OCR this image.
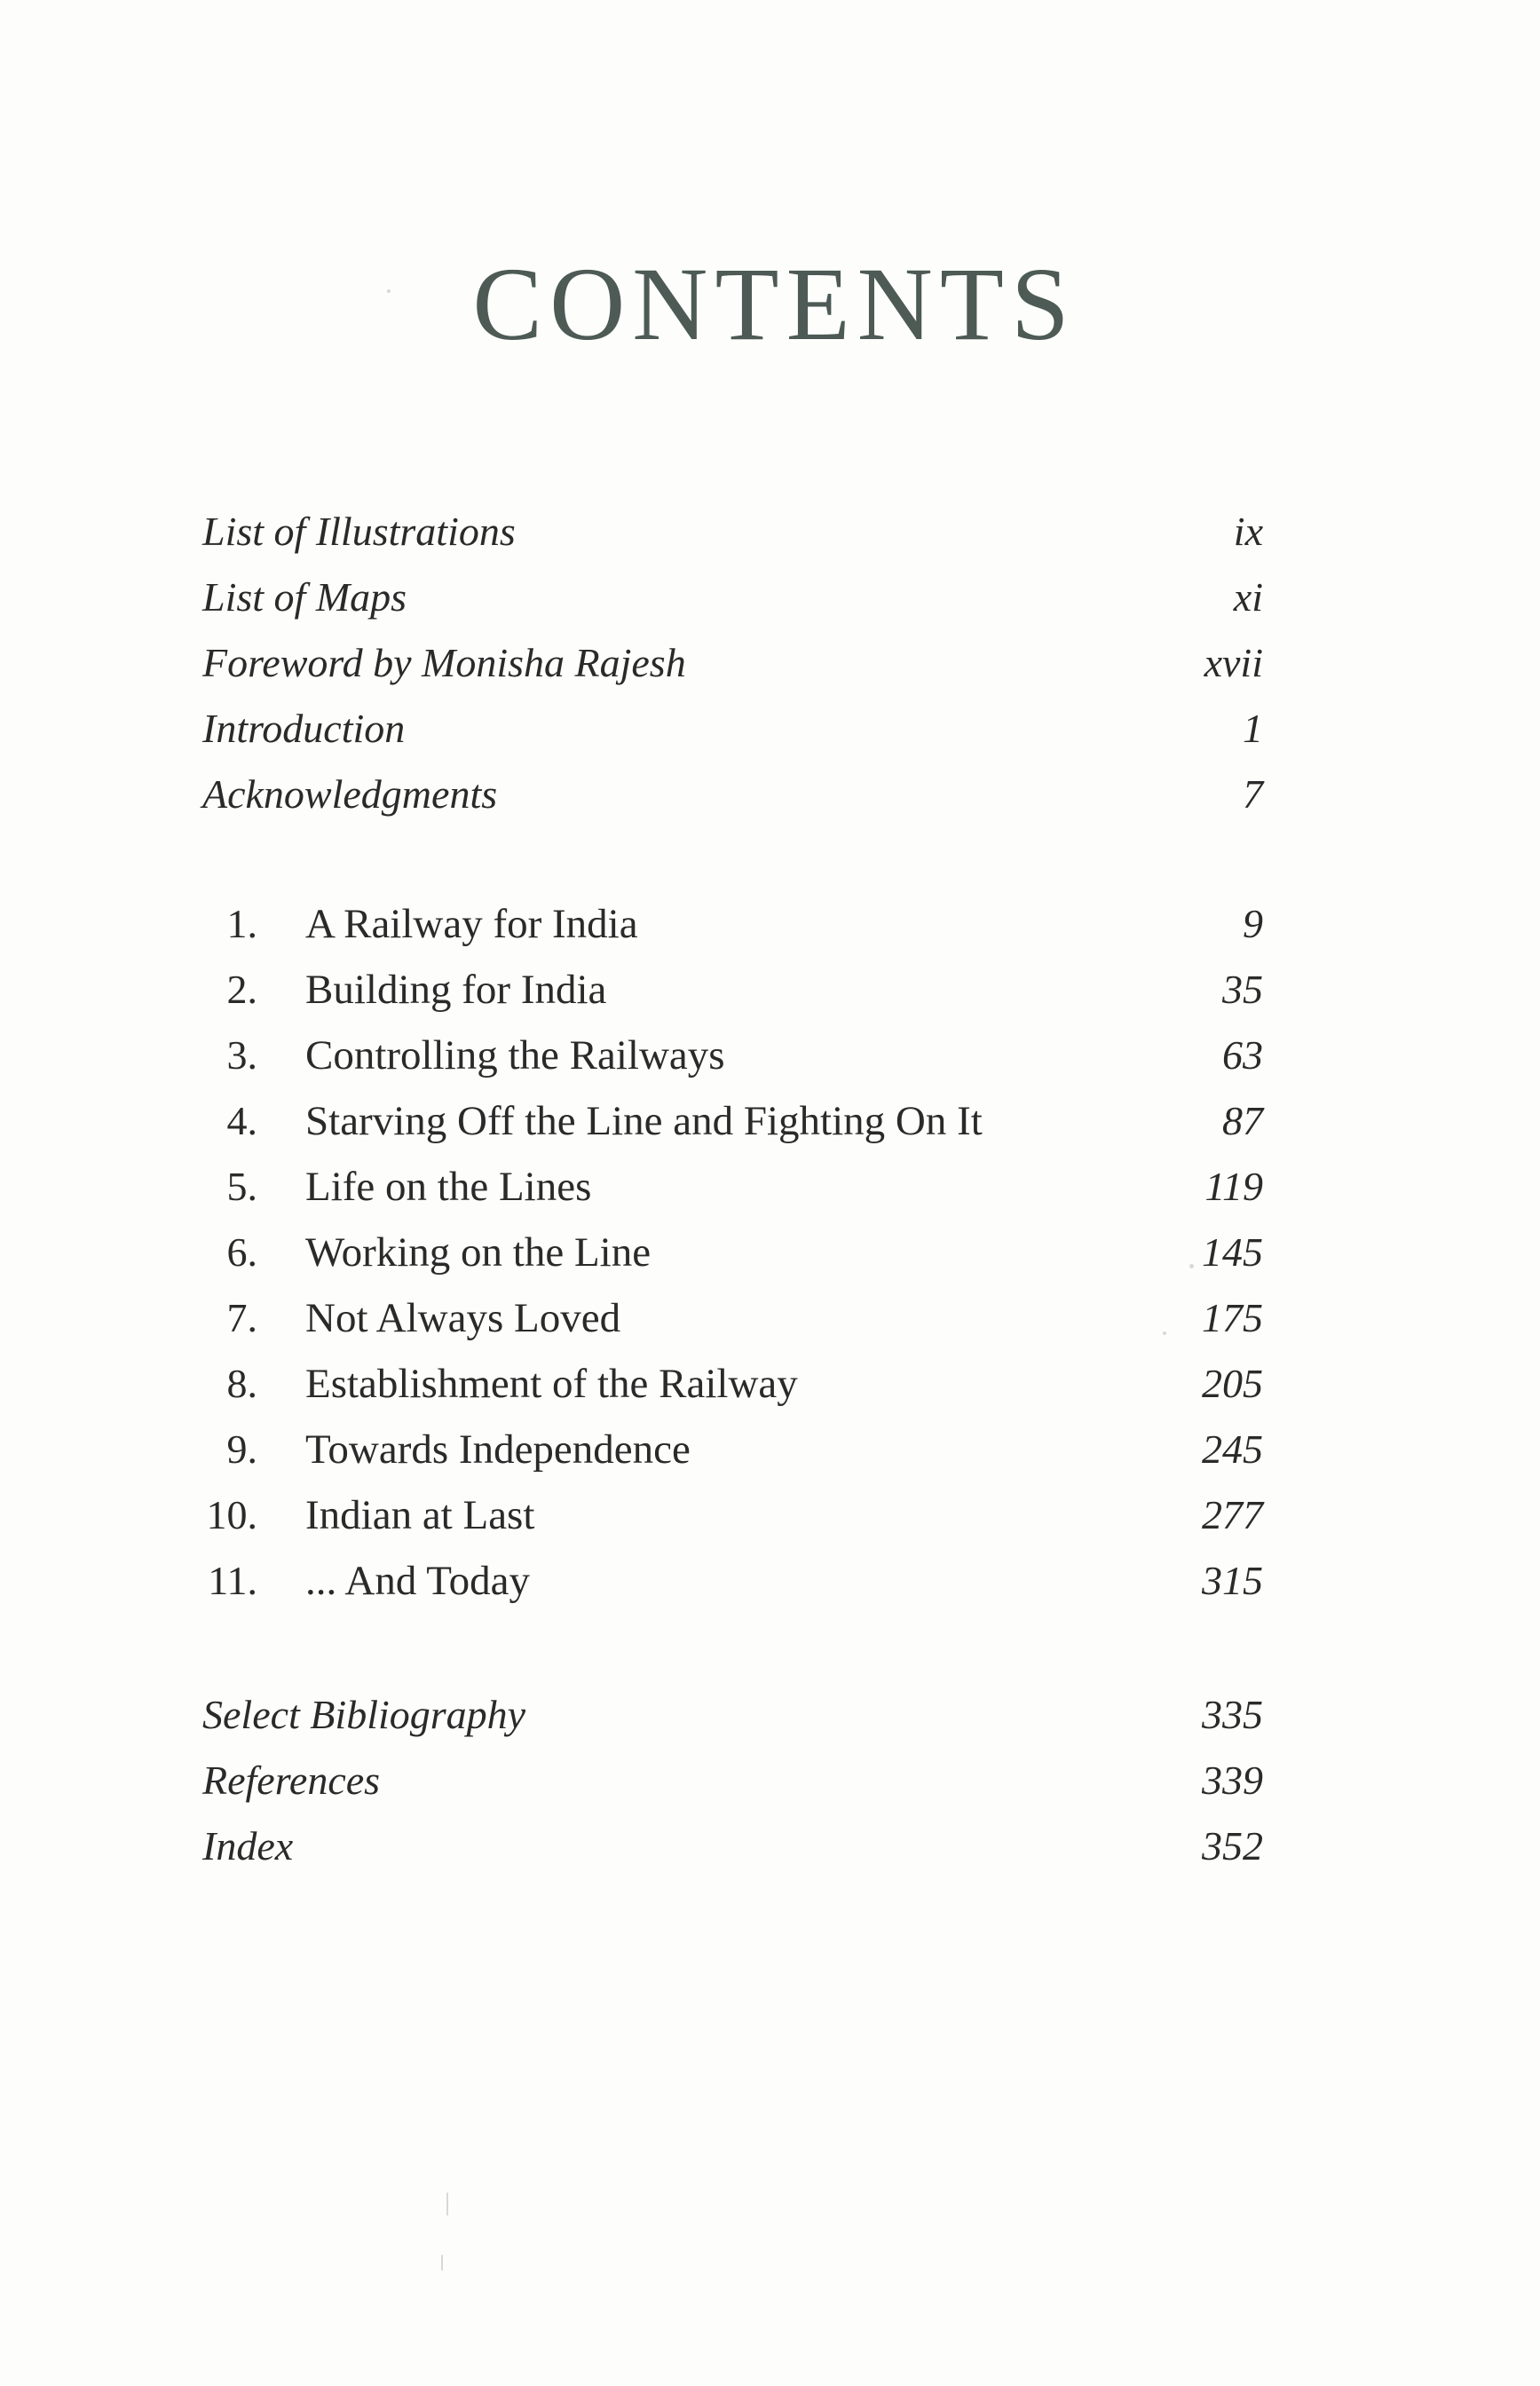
CONTENTS
List of Illustrations	ix
List of Maps	xi
Foreword by Monisha Rajesh	xvii
Introduction	1
Acknowledgments	7
1. A Railway for India	9
2. Building for India	35
3. Controlling the Railways	63
4. Starving Off the Line and Fighting On It	87
5. Life on the Lines	119
6. Working on the Line	145
7. Not Always Loved	175
8. Establishment of the Railway	205
9. Towards Independence	245
10. Indian at Last	277
11. ... And Today	315
Select Bibliography	335
References	339
Index	352
